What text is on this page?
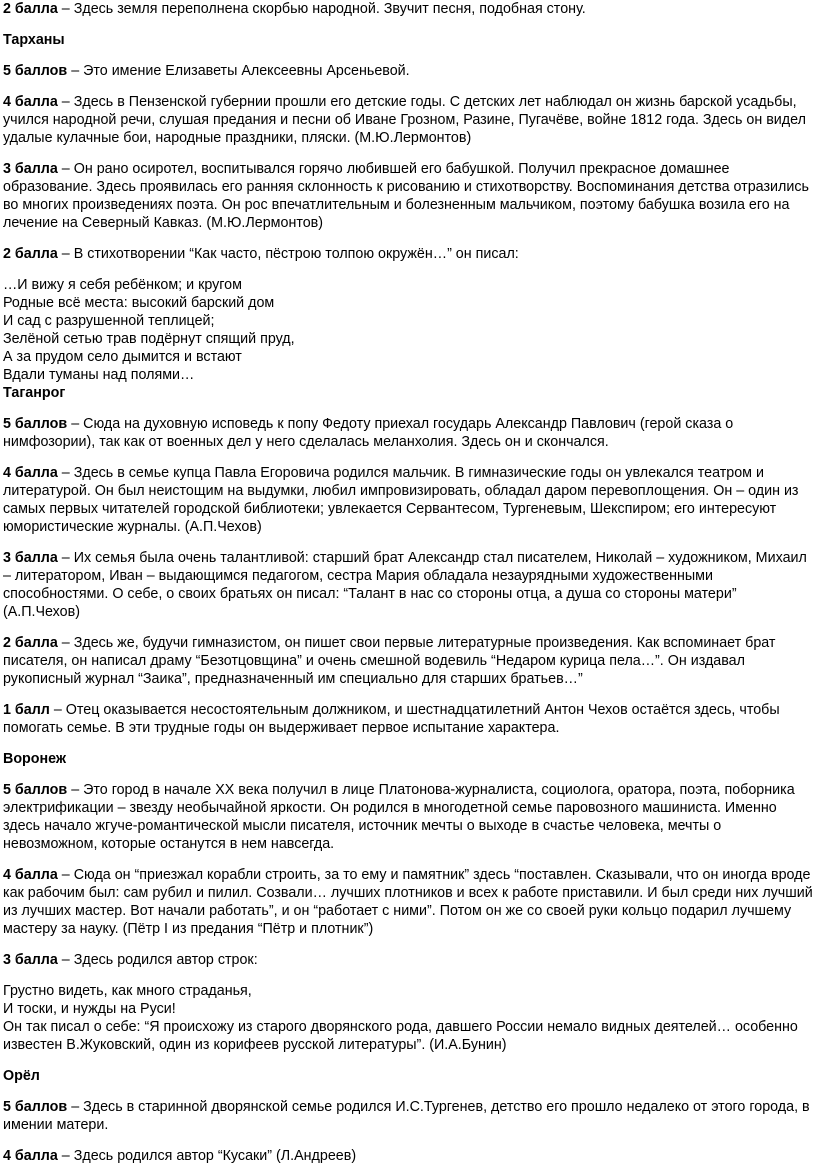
2 балла – Здесь земля переполнена скорбью народной. Звучит песня, подобная стону.

Тарханы

5 баллов – Это имение Елизаветы Алексеевны Арсеньевой.

4 балла – Здесь в Пензенской губернии прошли его детские годы. С детских лет наблюдал он жизнь барской усадьбы, учился народной речи, слушая предания и песни об Иване Грозном, Разине, Пугачёве, войне 1812 года. Здесь он видел удалые кулачные бои, народные праздники, пляски. (М.Ю.Лермонтов)

3 балла – Он рано осиротел, воспитывался горячо любившей его бабушкой. Получил прекрасное домашнее образование. Здесь проявилась его ранняя склонность к рисованию и стихотворству. Воспоминания детства отразились во многих произведениях поэта. Он рос впечатлительным и болезненным мальчиком, поэтому бабушка возила его на лечение на Северный Кавказ. (М.Ю.Лермонтов)

2 балла – В стихотворении “Как часто, пёстрою толпою окружён…” он писал:

…И вижу я себя ребёнком; и кругом
Родные всё места: высокий барский дом
И сад с разрушенной теплицей;
Зелёной сетью трав подёрнут спящий пруд,
А за прудом село дымится и встают
Вдали туманы над полями…

Таганрог

5 баллов – Сюда на духовную исповедь к попу Федоту приехал государь Александр Павлович (герой сказа о нимфозории), так как от военных дел у него сделалась меланхолия. Здесь он и скончался.

4 балла – Здесь в семье купца Павла Егоровича родился мальчик. В гимназические годы он увлекался театром и литературой. Он был неистощим на выдумки, любил импровизировать, обладал даром перевоплощения. Он – один из самых первых читателей городской библиотеки; увлекается Сервантесом, Тургеневым, Шекспиром; его интересуют юмористические журналы. (А.П.Чехов)

3 балла – Их семья была очень талантливой: старший брат Александр стал писателем, Николай – художником, Михаил – литератором, Иван – выдающимся педагогом, сестра Мария обладала незаурядными художественными способностями. О себе, о своих братьях он писал: “Талант в нас со стороны отца, а душа со стороны матери” (А.П.Чехов)

2 балла – Здесь же, будучи гимназистом, он пишет свои первые литературные произведения. Как вспоминает брат писателя, он написал драму “Безотцовщина” и очень смешной водевиль “Недаром курица пела…”. Он издавал рукописный журнал “Заика”, предназначенный им специально для старших братьев…”

1 балл – Отец оказывается несостоятельным должником, и шестнадцатилетний Антон Чехов остаётся здесь, чтобы помогать семье. В эти трудные годы он выдерживает первое испытание характера.

Воронеж

5 баллов – Это город в начале XX века получил в лице Платонова-журналиста, социолога, оратора, поэта, поборника электрификации – звезду необычайной яркости. Он родился в многодетной семье паровозного машиниста. Именно здесь начало жгуче-романтической мысли писателя, источник мечты о выходе в счастье человека, мечты о невозможном, которые останутся в нем навсегда.

4 балла – Сюда он “приезжал корабли строить, за то ему и памятник” здесь “поставлен. Сказывали, что он иногда вроде как рабочим был: сам рубил и пилил. Созвали… лучших плотников и всех к работе приставили. И был среди них лучший из лучших мастер. Вот начали работать”, и он “работает с ними”. Потом он же со своей руки кольцо подарил лучшему мастеру за науку. (Пётр I из предания “Пётр и плотник”)

3 балла – Здесь родился автор строк:

Грустно видеть, как много страданья,
И тоски, и нужды на Руси!
Он так писал о себе: “Я происхожу из старого дворянского рода, давшего России немало видных деятелей… особенно известен В.Жуковский, один из корифеев русской литературы”. (И.А.Бунин)

Орёл

5 баллов – Здесь в старинной дворянской семье родился И.С.Тургенев, детство его прошло недалеко от этого города, в имении матери.

4 балла – Здесь родился автор “Кусаки” (Л.Андреев)
